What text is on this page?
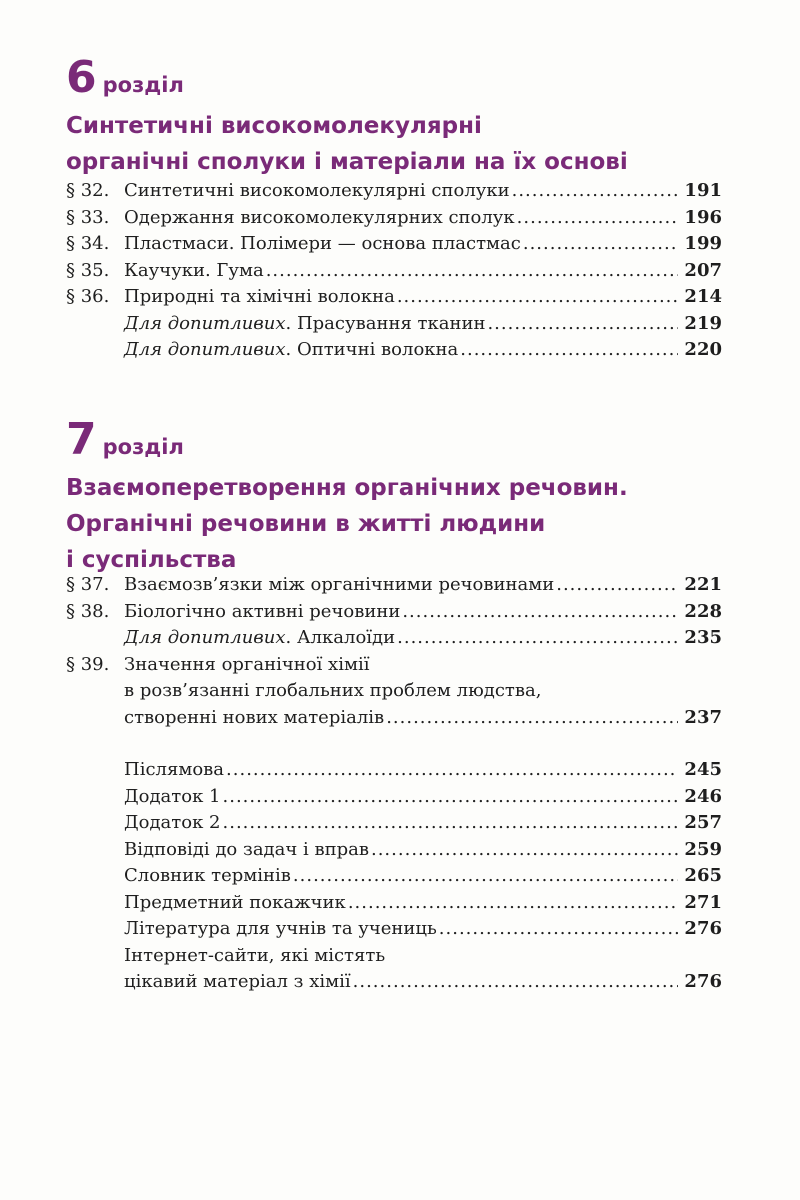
6 розділ
Синтетичні високомолекулярні
органічні сполуки і матеріали на їх основі
§ 32. Синтетичні високомолекулярні сполуки .....	191
§ 33. Одержання високомолекулярних сполук .....	196
§ 34. Пластмаси. Полімери — основа пластмас .....	199
§ 35. Каучуки. Гума .....	207
§ 36. Природні та хімічні волокна .....	214
Для допитливих. Прасування тканин .....	219
Для допитливих. Оптичні волокна .....	220
7 розділ
Взаємоперетворення органічних речовин.
Органічні речовини в житті людини
і суспільства
§ 37. Взаємозв’язки між органічними речовинами .....	221
§ 38. Біологічно активні речовини .....	228
Для допитливих. Алкалоїди .....	235
§ 39. Значення органічної хімії
в розв’язанні глобальних проблем людства,
створенні нових матеріалів .....	237
Післямова .....	245
Додаток 1 .....	246
Додаток 2 .....	257
Відповіді до задач і вправ .....	259
Словник термінів .....	265
Предметний покажчик .....	271
Література для учнів та учениць .....	276
Інтернет-сайти, які містять
цікавий матеріал з хімії .....	276
